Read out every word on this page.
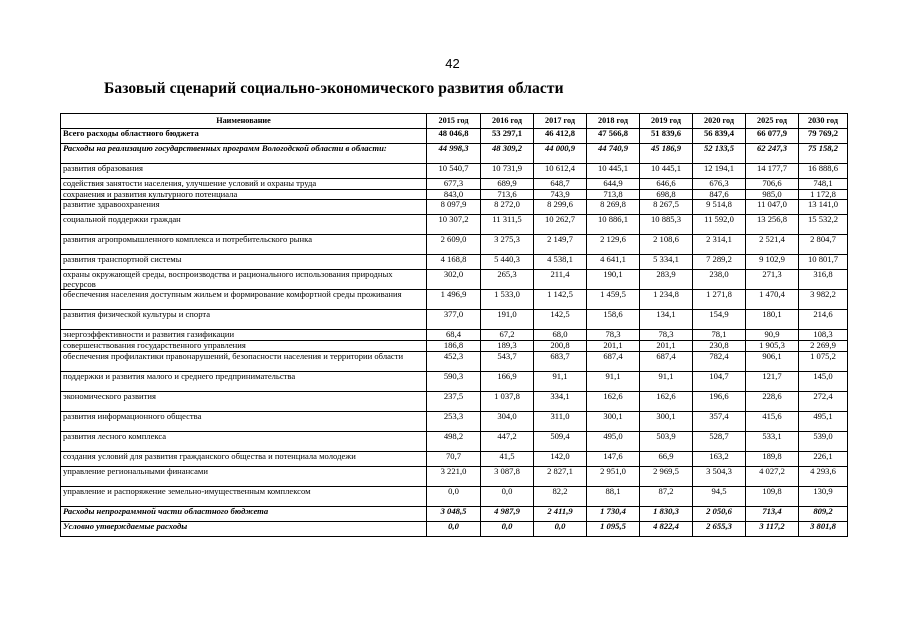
42
Базовый сценарий социально-экономического развития области
Наименование	2015 год	2016 год	2017 год	2018 год	2019 год	2020 год	2025 год	2030 год
Всего расходы областного бюджета	48 046,8	53 297,1	46 412,8	47 566,8	51 839,6	56 839,4	66 077,9	79 769,2
Расходы на реализацию государственных программ Вологодской области в области:	44 998,3	48 309,2	44 000,9	44 740,9	45 186,9	52 133,5	62 247,3	75 158,2
развития образования	10 540,7	10 731,9	10 612,4	10 445,1	10 445,1	12 194,1	14 177,7	16 888,6
содействия занятости населения, улучшение условий и охраны труда	677,3	689,9	648,7	644,9	646,6	676,3	706,6	748,1
сохранения и развития культурного потенциала	843,0	713,6	743,9	713,8	698,8	847,6	985,0	1 172,8
развитие здравоохранения	8 097,9	8 272,0	8 299,6	8 269,8	8 267,5	9 514,8	11 047,0	13 141,0
социальной поддержки граждан	10 307,2	11 311,5	10 262,7	10 886,1	10 885,3	11 592,0	13 256,8	15 532,2
развития агропромышленного комплекса и потребительского рынка	2 609,0	3 275,3	2 149,7	2 129,6	2 108,6	2 314,1	2 521,4	2 804,7
развития транспортной системы	4 168,8	5 440,3	4 538,1	4 641,1	5 334,1	7 289,2	9 102,9	10 801,7
охраны окружающей среды, воспроизводства и рационального использования природных ресурсов	302,0	265,3	211,4	190,1	283,9	238,0	271,3	316,8
обеспечения населения доступным жильем и формирование комфортной среды проживания	1 496,9	1 533,0	1 142,5	1 459,5	1 234,8	1 271,8	1 470,4	3 982,2
развития физической культуры и спорта	377,0	191,0	142,5	158,6	134,1	154,9	180,1	214,6
энергоэффективности и развития газификации	68,4	67,2	68,0	78,3	78,3	78,1	90,9	108,3
совершенствования государственного управления	186,8	189,3	200,8	201,1	201,1	230,8	1 905,3	2 269,9
обеспечения профилактики правонарушений, безопасности населения и территории области	452,3	543,7	683,7	687,4	687,4	782,4	906,1	1 075,2
поддержки и развития малого и среднего предпринимательства	590,3	166,9	91,1	91,1	91,1	104,7	121,7	145,0
экономического развития	237,5	1 037,8	334,1	162,6	162,6	196,6	228,6	272,4
развития информационного общества	253,3	304,0	311,0	300,1	300,1	357,4	415,6	495,1
развития лесного комплекса	498,2	447,2	509,4	495,0	503,9	528,7	533,1	539,0
создания условий для развития гражданского общества и потенциала молодежи	70,7	41,5	142,0	147,6	66,9	163,2	189,8	226,1
управление региональными финансами	3 221,0	3 087,8	2 827,1	2 951,0	2 969,5	3 504,3	4 027,2	4 293,6
управление и распоряжение земельно-имущественным комплексом	0,0	0,0	82,2	88,1	87,2	94,5	109,8	130,9
Расходы непрограммной части областного бюджета	3 048,5	4 987,9	2 411,9	1 730,4	1 830,3	2 050,6	713,4	809,2
Условно утверждаемые расходы	0,0	0,0	0,0	1 095,5	4 822,4	2 655,3	3 117,2	3 801,8
